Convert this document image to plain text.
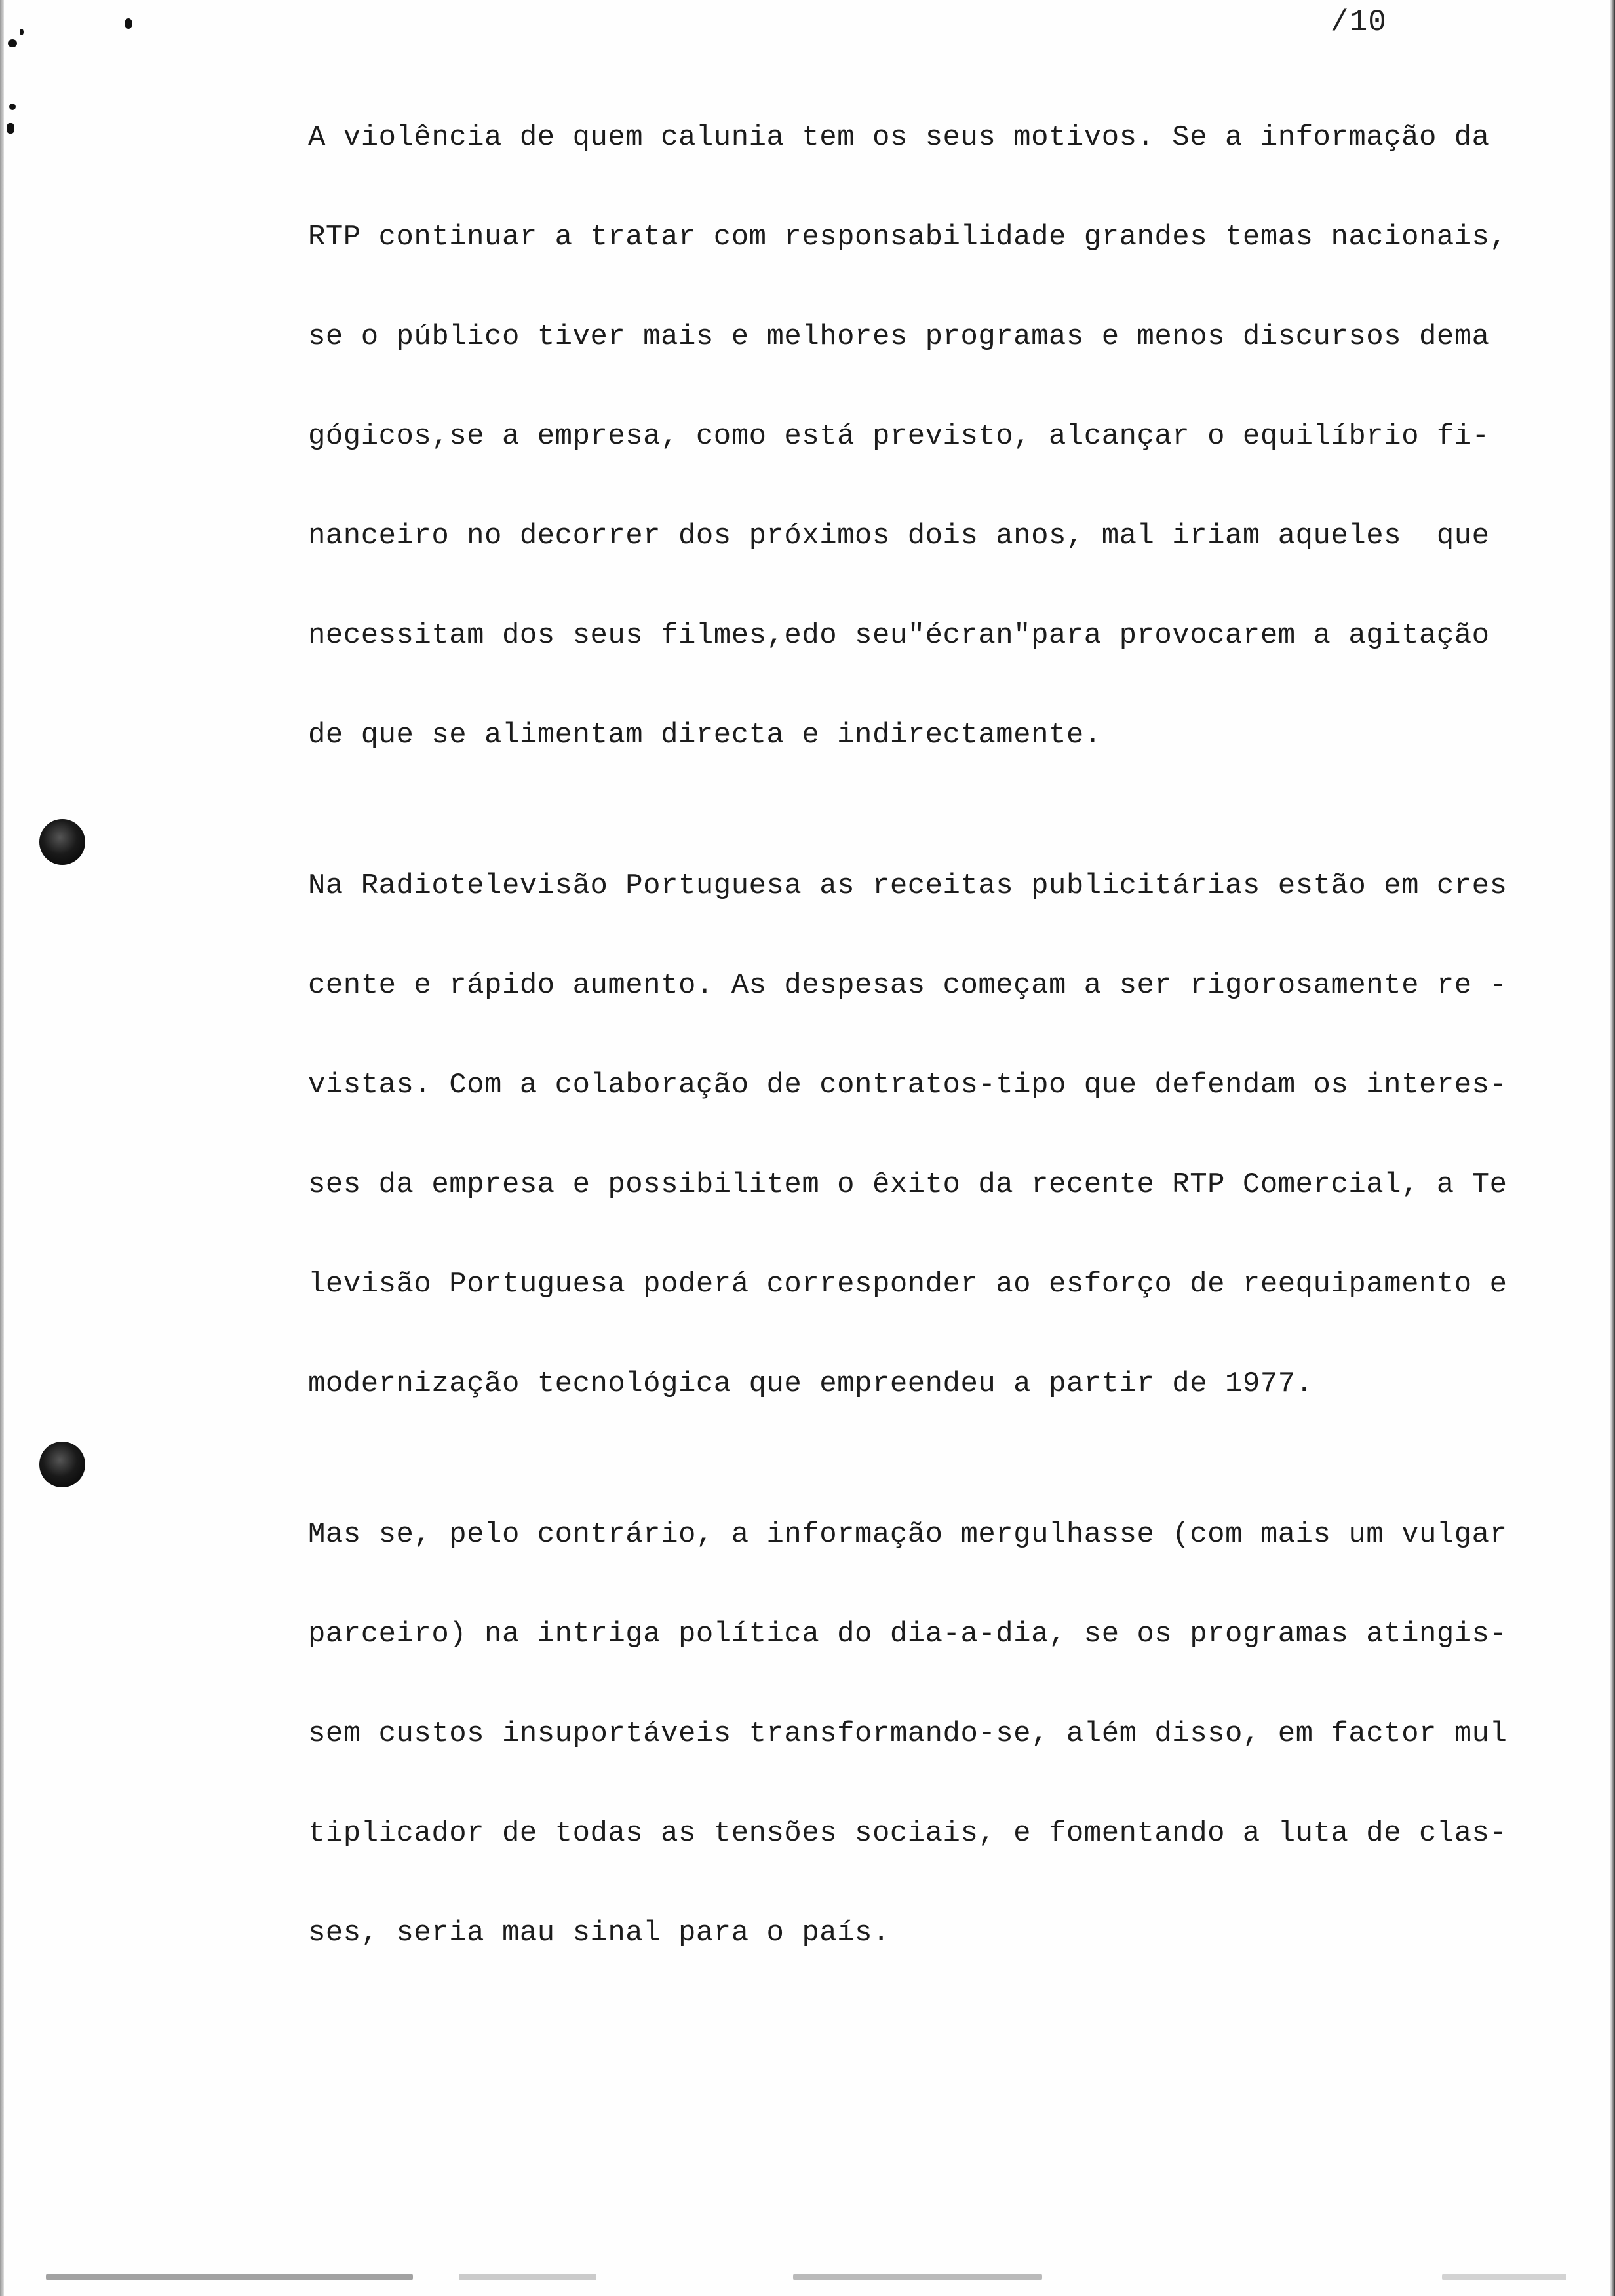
/10
A violência de quem calunia tem os seus motivos. Se a informação da
RTP continuar a tratar com responsabilidade grandes temas nacionais,
se o público tiver mais e melhores programas e menos discursos dema
gógicos,se a empresa, como está previsto, alcançar o equilíbrio fi-
nanceiro no decorrer dos próximos dois anos, mal iriam aqueles  que
necessitam dos seus filmes,edo seu"écran"para provocarem a agitação
de que se alimentam directa e indirectamente.
Na Radiotelevisão Portuguesa as receitas publicitárias estão em cres
cente e rápido aumento. As despesas começam a ser rigorosamente re -
vistas. Com a colaboração de contratos-tipo que defendam os interes-
ses da empresa e possibilitem o êxito da recente RTP Comercial, a Te
levisão Portuguesa poderá corresponder ao esforço de reequipamento e
modernização tecnológica que empreendeu a partir de 1977.
Mas se, pelo contrário, a informação mergulhasse (com mais um vulgar
parceiro) na intriga política do dia-a-dia, se os programas atingis-
sem custos insuportáveis transformando-se, além disso, em factor mul
tiplicador de todas as tensões sociais, e fomentando a luta de clas-
ses, seria mau sinal para o país.
